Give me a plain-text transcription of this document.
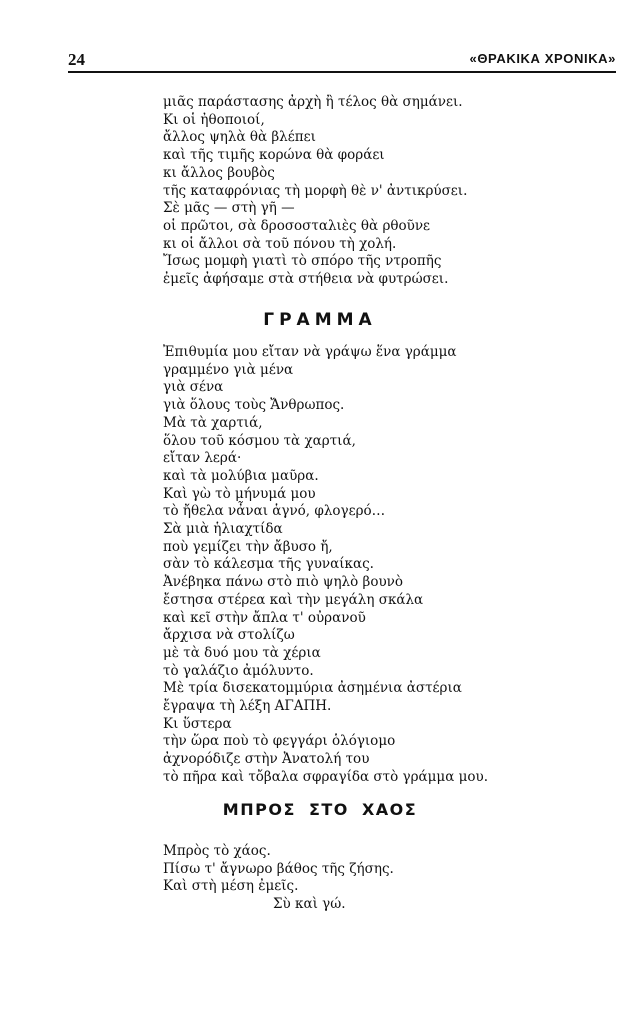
24	«ΘΡΑΚΙΚΑ ΧΡΟΝΙΚΑ»
μιᾶς παράστασης ἀρχὴ ἢ τέλος θὰ σημάνει.
Κι οἱ ἠθοποιοί,
ἄλλος ψηλὰ θὰ βλέπει
καὶ τῆς τιμῆς κορώνα θὰ φοράει
κι ἄλλος βουβὸς
τῆς καταφρόνιας τὴ μορφὴ θὲ ν' ἀντικρύσει.
Σὲ μᾶς — στὴ γῆ —
οἱ πρῶτοι, σὰ δροσοσταλιὲς θὰ ρθοῦνε
κι οἱ ἄλλοι σὰ τοῦ πόνου τὴ χολή.
Ἴσως μομφὴ γιατὶ τὸ σπόρο τῆς ντροπῆς
ἐμεῖς ἀφήσαμε στὰ στήθεια νὰ φυτρώσει.
ΓΡΑΜΜΑ
Ἐπιθυμία μου εἴταν νὰ γράψω ἕνα γράμμα
γραμμένο γιὰ μένα
γιὰ σένα
γιὰ ὅλους τοὺς Ἄνθρωπος.
Μὰ τὰ χαρτιά,
ὅλου τοῦ κόσμου τὰ χαρτιά,
εἴταν λερά·
καὶ τὰ μολύβια μαῦρα.
Καὶ γὼ τὸ μήνυμά μου
τὸ ἤθελα νἆναι ἁγνό, φλογερό…
Σὰ μιὰ ἡλιαχτίδα
ποὺ γεμίζει τὴν ἄβυσο ἤ,
σὰν τὸ κάλεσμα τῆς γυναίκας.
Ἀνέβηκα πάνω στὸ πιὸ ψηλὸ βουνὸ
ἔστησα στέρεα καὶ τὴν μεγάλη σκάλα
καὶ κεῖ στὴν ἄπλα τ' οὐρανοῦ
ἄρχισα νὰ στολίζω
μὲ τὰ δυό μου τὰ χέρια
τὸ γαλάζιο ἀμόλυντο.
Μὲ τρία δισεκατομμύρια ἀσημένια ἀστέρια
ἔγραψα τὴ λέξη ΑΓΑΠΗ.
Κι ὕστερα
τὴν ὥρα ποὺ τὸ φεγγάρι ὁλόγιομο
ἀχνορόδιζε στὴν Ἀνατολή του
τὸ πῆρα καὶ τὄβαλα σφραγίδα στὸ γράμμα μου.
ΜΠΡΟΣ ΣΤΟ ΧΑΟΣ
Μπρὸς τὸ χάος.
Πίσω τ' ἄγνωρο βάθος τῆς ζήσης.
Καὶ στὴ μέση ἐμεῖς.
Σὺ καὶ γώ.
